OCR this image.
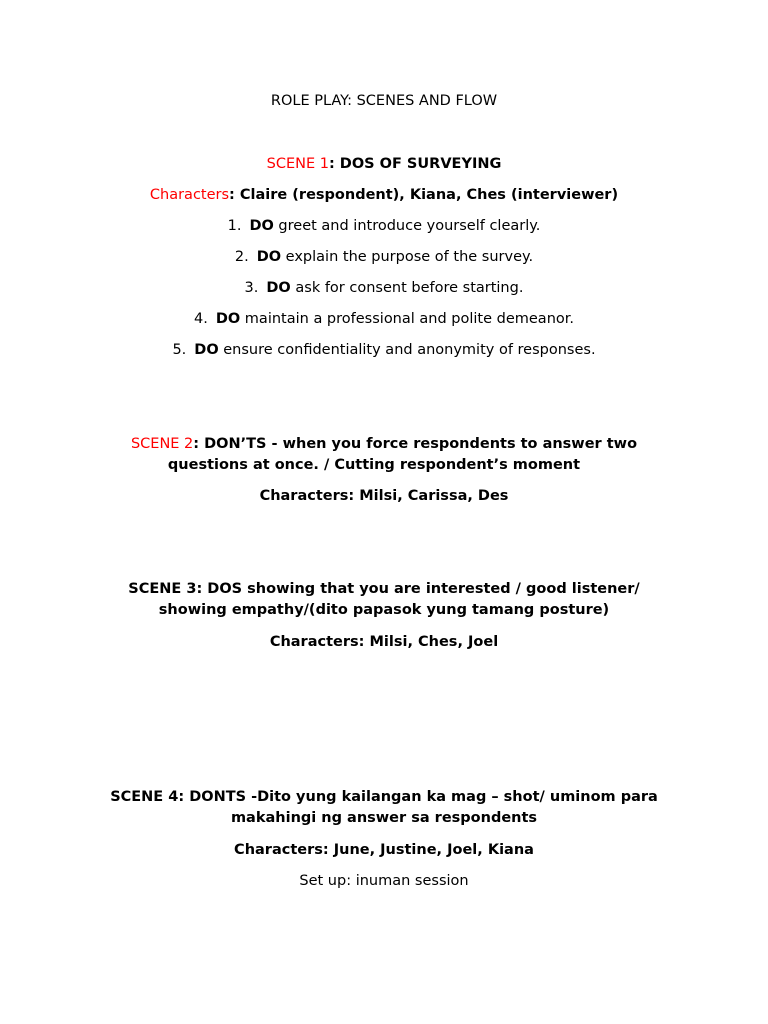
ROLE PLAY: SCENES AND FLOW
SCENE 1: DOS OF SURVEYING
Characters: Claire (respondent), Kiana, Ches (interviewer)
1. DO greet and introduce yourself clearly.
2. DO explain the purpose of the survey.
3. DO ask for consent before starting.
4. DO maintain a professional and polite demeanor.
5. DO ensure confidentiality and anonymity of responses.
SCENE 2: DON’TS - when you force respondents to answer two
questions at once. / Cutting respondent’s moment
Characters: Milsi, Carissa, Des
SCENE 3: DOS showing that you are interested / good listener/
showing empathy/(dito papasok yung tamang posture)
Characters: Milsi, Ches, Joel
SCENE 4: DONTS -Dito yung kailangan ka mag – shot/ uminom para
makahingi ng answer sa respondents
Characters: June, Justine, Joel, Kiana
Set up: inuman session
